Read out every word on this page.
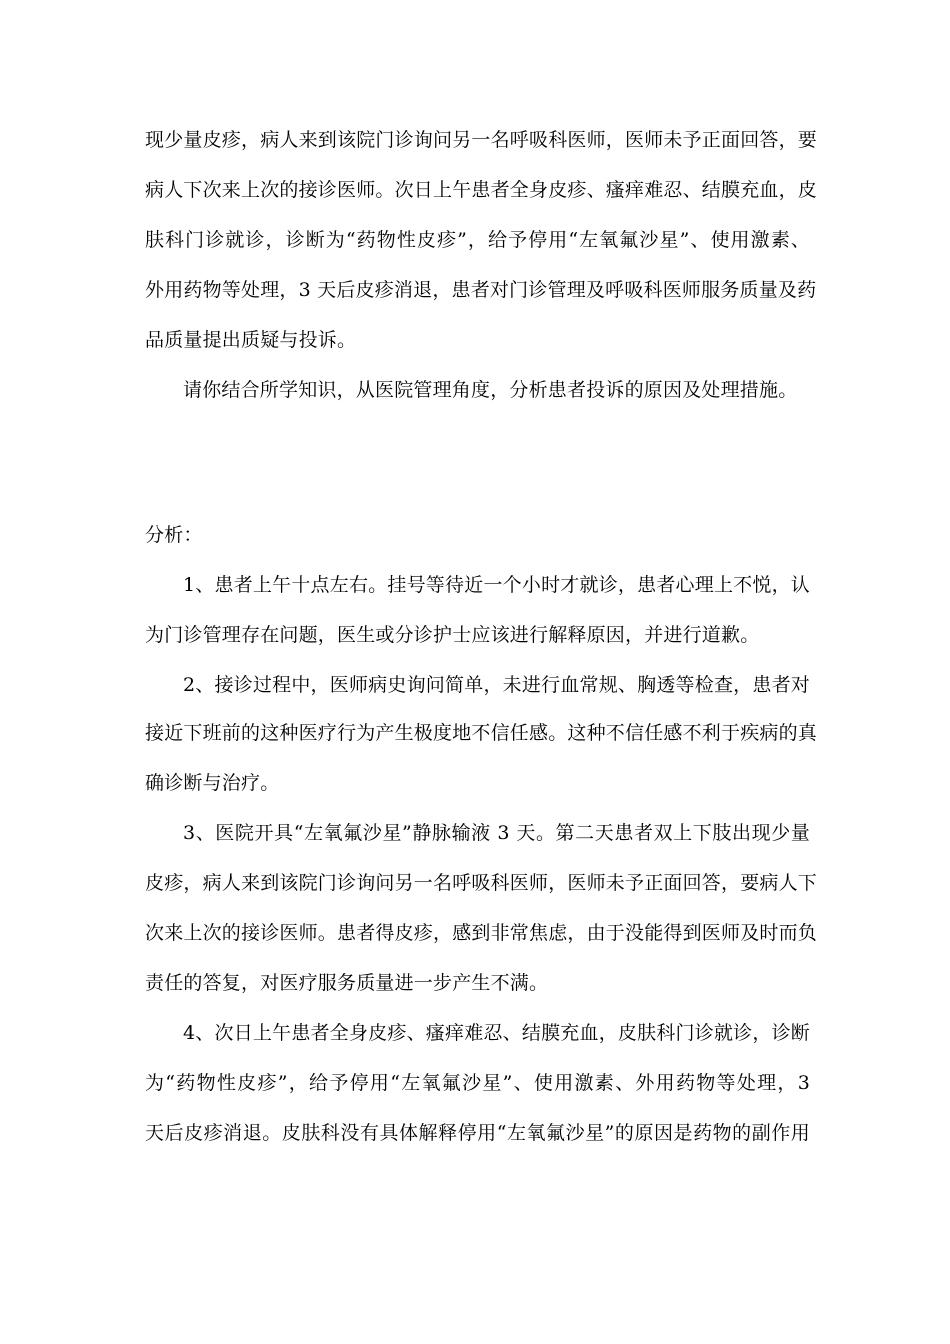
现少量皮疹，病人来到该院门诊询问另一名呼吸科医师，医师未予正面回答，要
病人下次来上次的接诊医师。次日上午患者全身皮疹、瘙痒难忍、结膜充血，皮
肤科门诊就诊，诊断为“药物性皮疹”，给予停用“左氧氟沙星”、使用激素、
外用药物等处理，3 天后皮疹消退，患者对门诊管理及呼吸科医师服务质量及药
品质量提出质疑与投诉。
请你结合所学知识，从医院管理角度，分析患者投诉的原因及处理措施。
分析：
1、患者上午十点左右。挂号等待近一个小时才就诊，患者心理上不悦，认
为门诊管理存在问题，医生或分诊护士应该进行解释原因，并进行道歉。
2、接诊过程中，医师病史询问简单，未进行血常规、胸透等检查，患者对
接近下班前的这种医疗行为产生极度地不信任感。这种不信任感不利于疾病的真
确诊断与治疗。
3、医院开具“左氧氟沙星”静脉输液 3 天。第二天患者双上下肢出现少量
皮疹，病人来到该院门诊询问另一名呼吸科医师，医师未予正面回答，要病人下
次来上次的接诊医师。患者得皮疹，感到非常焦虑，由于没能得到医师及时而负
责任的答复，对医疗服务质量进一步产生不满。
4、次日上午患者全身皮疹、瘙痒难忍、结膜充血，皮肤科门诊就诊，诊断
为“药物性皮疹”，给予停用“左氧氟沙星”、使用激素、外用药物等处理，3
天后皮疹消退。皮肤科没有具体解释停用“左氧氟沙星”的原因是药物的副作用
